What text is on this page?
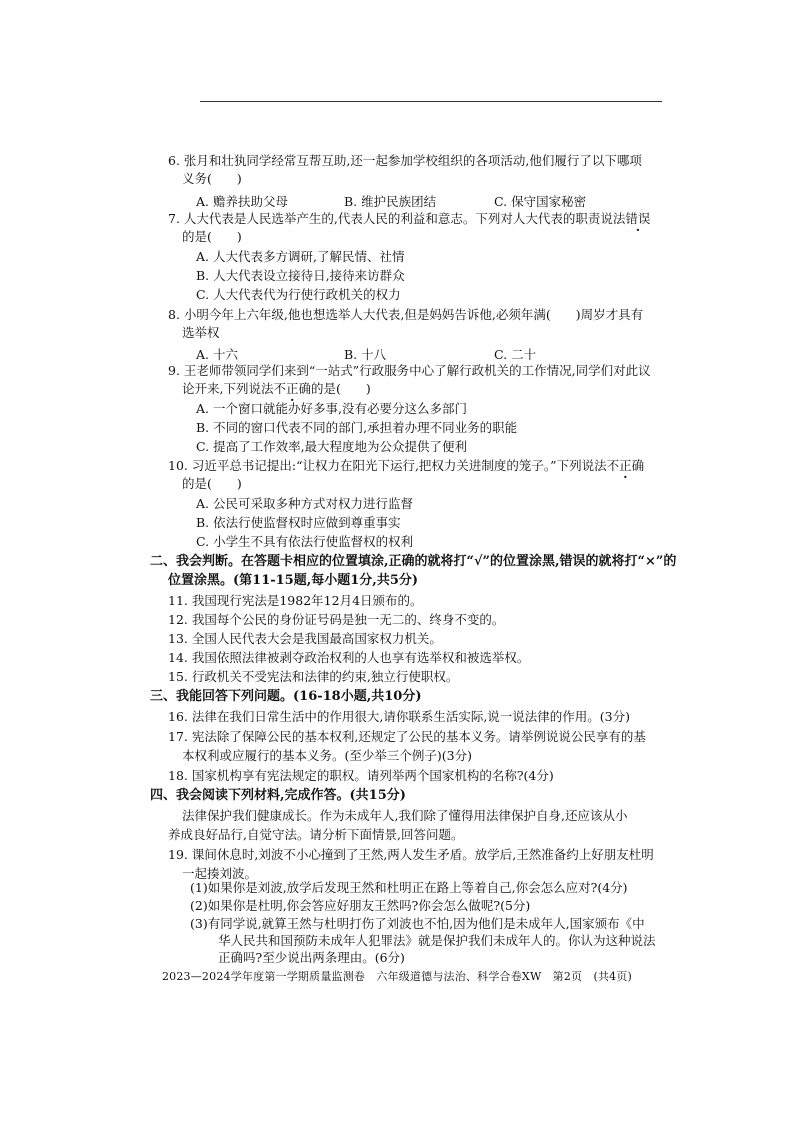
6. 张月和壮犱同学经常互帮互助,还一起参加学校组织的各项活动,他们履行了以下哪项
义务(　　)
A. 赡养扶助父母	B. 维护民族团结	C. 保守国家秘密
7. 人大代表是人民选举产生的,代表人民的利益和意志。下列对人大代表的职责说法错误
的是(　　)
A. 人大代表多方调研,了解民情、社情
B. 人大代表设立接待日,接待来访群众
C. 人大代表代为行使行政机关的权力
8. 小明今年上六年级,他也想选举人大代表,但是妈妈告诉他,必须年满(　　)周岁才具有
选举权
A. 十六	B. 十八	C. 二十
9. 王老师带领同学们来到“一站式”行政服务中心了解行政机关的工作情况,同学们对此议
论开来,下列说法不正确的是(　　)
A. 一个窗口就能办好多事,没有必要分这么多部门
B. 不同的窗口代表不同的部门,承担着办理不同业务的职能
C. 提高了工作效率,最大程度地为公众提供了便利
10. 习近平总书记提出:“让权力在阳光下运行,把权力关进制度的笼子。”下列说法不正确
的是(　　)
A. 公民可采取多种方式对权力进行监督
B. 依法行使监督权时应做到尊重事实
C. 小学生不具有依法行使监督权的权利
二、我会判断。在答题卡相应的位置填涂,正确的就将打“√”的位置涂黑,错误的就将打“×”的
位置涂黑。(第11-15题,每小题1分,共5分)
11. 我国现行宪法是1982年12月4日颁布的。
12. 我国每个公民的身份证号码是独一无二的、终身不变的。
13. 全国人民代表大会是我国最高国家权力机关。
14. 我国依照法律被剥夺政治权利的人也享有选举权和被选举权。
15. 行政机关不受宪法和法律的约束,独立行使职权。
三、我能回答下列问题。(16-18小题,共10分)
16. 法律在我们日常生活中的作用很大,请你联系生活实际,说一说法律的作用。(3分)
17. 宪法除了保障公民的基本权利,还规定了公民的基本义务。请举例说说公民享有的基
本权利或应履行的基本义务。(至少举三个例子)(3分)
18. 国家机构享有宪法规定的职权。请列举两个国家机构的名称?(4分)
四、我会阅读下列材料,完成作答。(共15分)
法律保护我们健康成长。作为未成年人,我们除了懂得用法律保护自身,还应该从小
养成良好品行,自觉守法。请分析下面情景,回答问题。
19. 课间休息时,刘波不小心撞到了王然,两人发生矛盾。放学后,王然准备约上好朋友杜明
一起揍刘波。
(1)如果你是刘波,放学后发现王然和杜明正在路上等着自己,你会怎么应对?(4分)
(2)如果你是杜明,你会答应好朋友王然吗?你会怎么做呢?(5分)
(3)有同学说,就算王然与杜明打伤了刘波也不怕,因为他们是未成年人,国家颁布《中
华人民共和国预防未成年人犯罪法》就是保护我们未成年人的。你认为这种说法
2023—2024学年度第一学期质量监测卷　六年级道德与法治、科学合卷XW　第2页　(共4页)
正确吗?至少说出两条理由。(6分)
